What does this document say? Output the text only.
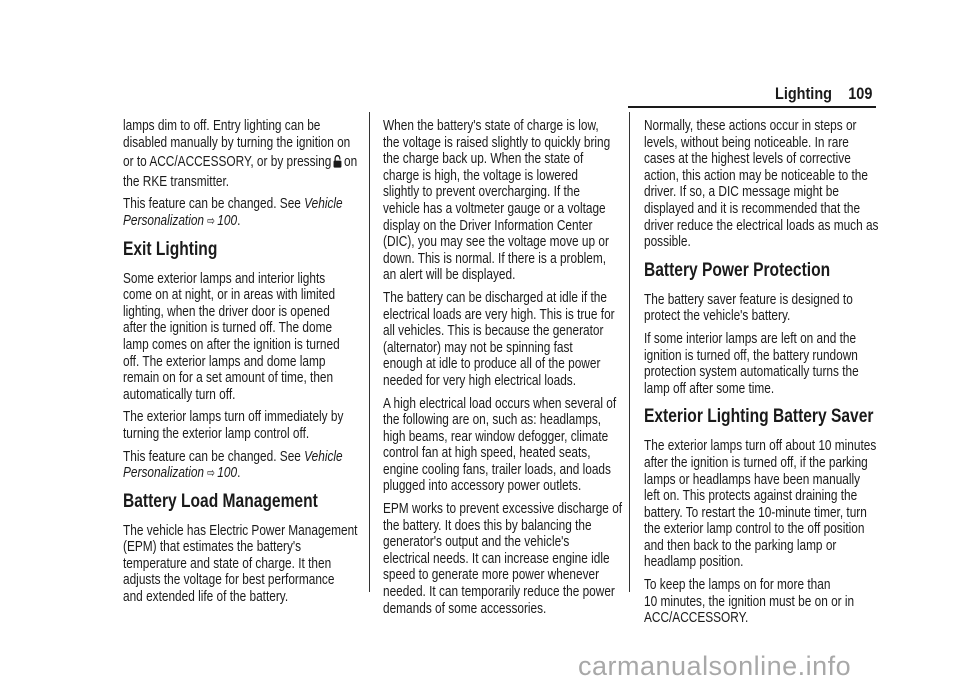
Lighting 109

lamps dim to off. Entry lighting can be
disabled manually by turning the ignition on
or to ACC/ACCESSORY, or by pressing on
the RKE transmitter.

This feature can be changed. See Vehicle
Personalization ⇨ 100.

Exit Lighting

Some exterior lamps and interior lights
come on at night, or in areas with limited
lighting, when the driver door is opened
after the ignition is turned off. The dome
lamp comes on after the ignition is turned
off. The exterior lamps and dome lamp
remain on for a set amount of time, then
automatically turn off.

The exterior lamps turn off immediately by
turning the exterior lamp control off.

This feature can be changed. See Vehicle
Personalization ⇨ 100.

Battery Load Management

The vehicle has Electric Power Management
(EPM) that estimates the battery's
temperature and state of charge. It then
adjusts the voltage for best performance
and extended life of the battery.

When the battery's state of charge is low,
the voltage is raised slightly to quickly bring
the charge back up. When the state of
charge is high, the voltage is lowered
slightly to prevent overcharging. If the
vehicle has a voltmeter gauge or a voltage
display on the Driver Information Center
(DIC), you may see the voltage move up or
down. This is normal. If there is a problem,
an alert will be displayed.

The battery can be discharged at idle if the
electrical loads are very high. This is true for
all vehicles. This is because the generator
(alternator) may not be spinning fast
enough at idle to produce all of the power
needed for very high electrical loads.

A high electrical load occurs when several of
the following are on, such as: headlamps,
high beams, rear window defogger, climate
control fan at high speed, heated seats,
engine cooling fans, trailer loads, and loads
plugged into accessory power outlets.

EPM works to prevent excessive discharge of
the battery. It does this by balancing the
generator's output and the vehicle's
electrical needs. It can increase engine idle
speed to generate more power whenever
needed. It can temporarily reduce the power
demands of some accessories.

Normally, these actions occur in steps or
levels, without being noticeable. In rare
cases at the highest levels of corrective
action, this action may be noticeable to the
driver. If so, a DIC message might be
displayed and it is recommended that the
driver reduce the electrical loads as much as
possible.

Battery Power Protection

The battery saver feature is designed to
protect the vehicle's battery.

If some interior lamps are left on and the
ignition is turned off, the battery rundown
protection system automatically turns the
lamp off after some time.

Exterior Lighting Battery Saver

The exterior lamps turn off about 10 minutes
after the ignition is turned off, if the parking
lamps or headlamps have been manually
left on. This protects against draining the
battery. To restart the 10-minute timer, turn
the exterior lamp control to the off position
and then back to the parking lamp or
headlamp position.

To keep the lamps on for more than
10 minutes, the ignition must be on or in
ACC/ACCESSORY.

carmanualsonline.info
